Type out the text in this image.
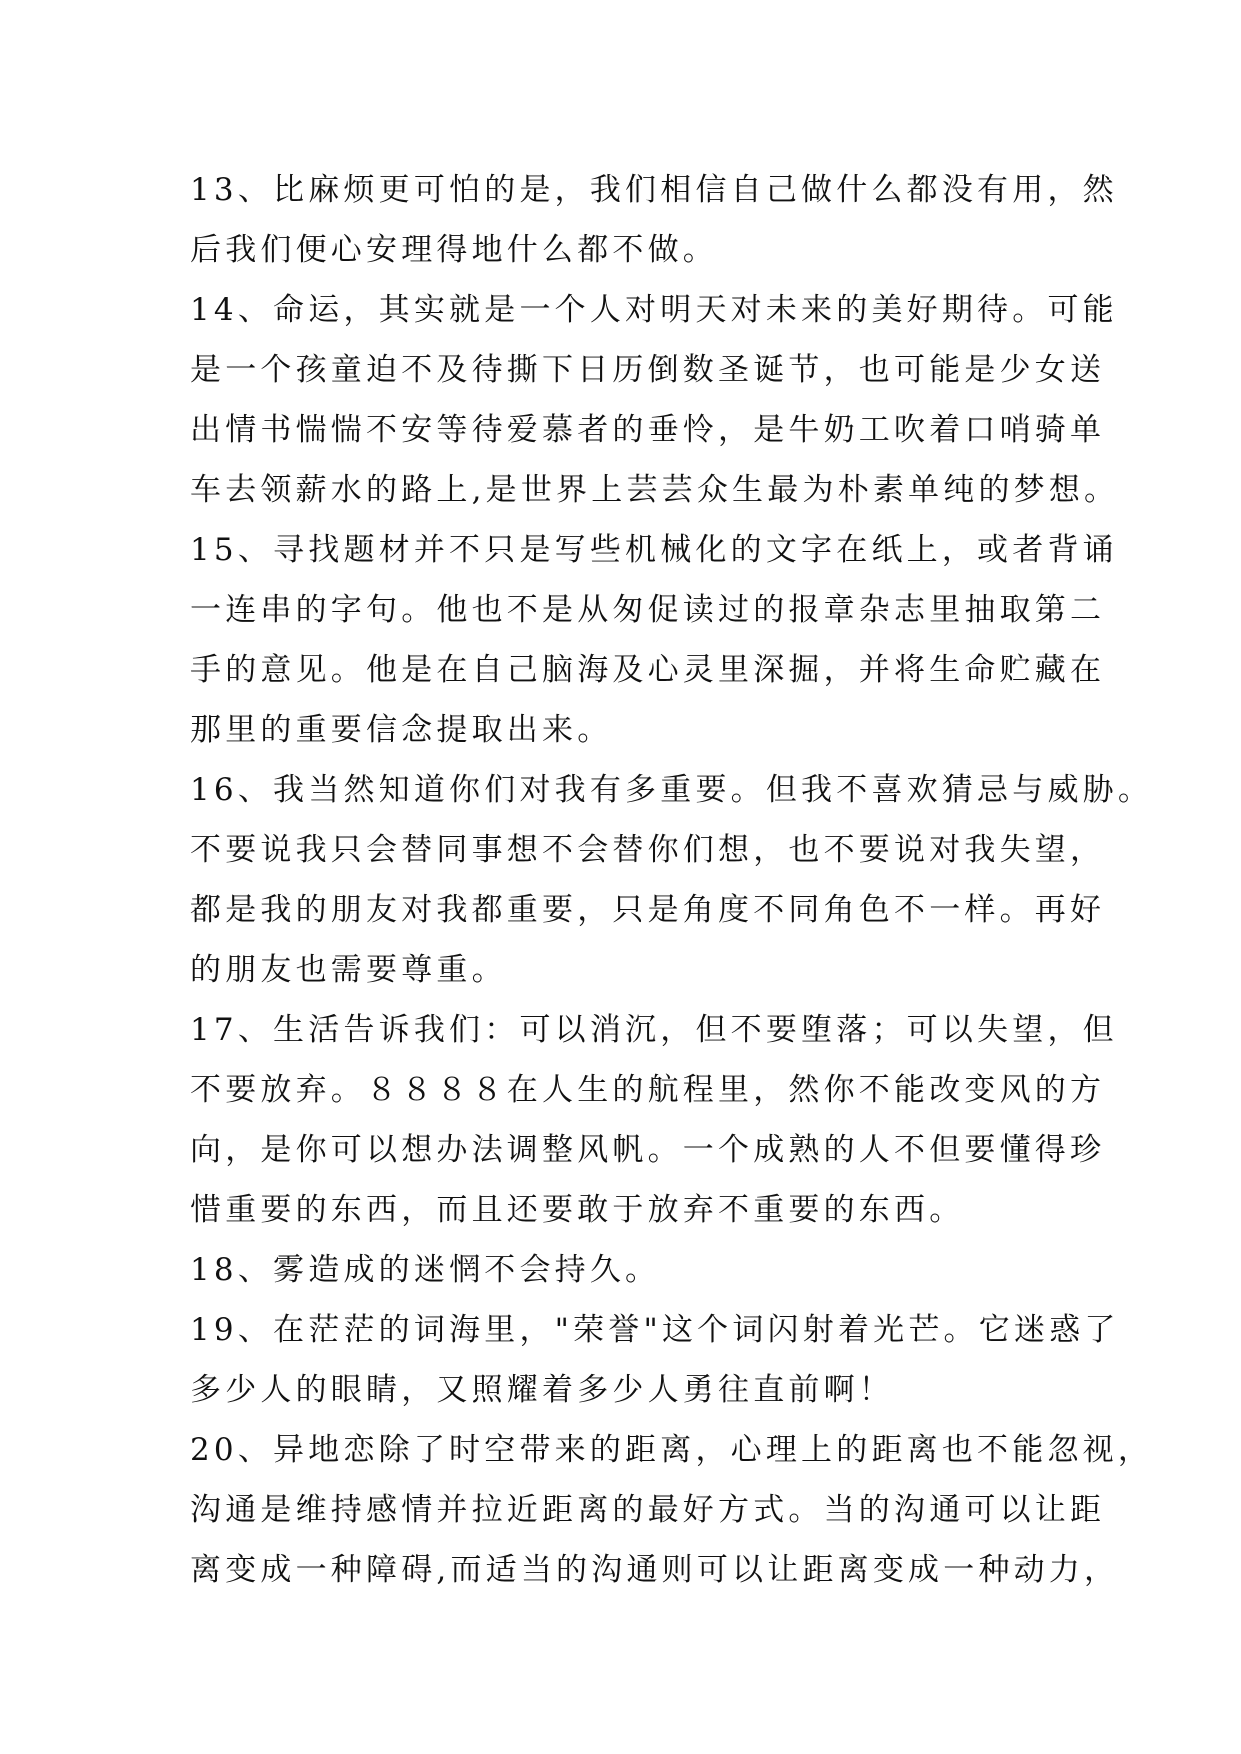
13、比麻烦更可怕的是，我们相信自己做什么都没有用，然
后我们便心安理得地什么都不做。
14、命运，其实就是一个人对明天对未来的美好期待。可能
是一个孩童迫不及待撕下日历倒数圣诞节，也可能是少女送
出情书惴惴不安等待爱慕者的垂怜，是牛奶工吹着口哨骑单
车去领薪水的路上,是世界上芸芸众生最为朴素单纯的梦想。
15、寻找题材并不只是写些机械化的文字在纸上，或者背诵
一连串的字句。他也不是从匆促读过的报章杂志里抽取第二
手的意见。他是在自己脑海及心灵里深掘，并将生命贮藏在
那里的重要信念提取出来。
16、我当然知道你们对我有多重要。但我不喜欢猜忌与威胁。
不要说我只会替同事想不会替你们想，也不要说对我失望，
都是我的朋友对我都重要，只是角度不同角色不一样。再好
的朋友也需要尊重。
17、生活告诉我们：可以消沉，但不要堕落；可以失望，但
不要放弃。８８８８在人生的航程里，然你不能改变风的方
向，是你可以想办法调整风帆。一个成熟的人不但要懂得珍
惜重要的东西，而且还要敢于放弃不重要的东西。
18、雾造成的迷惘不会持久。
19、在茫茫的词海里，"荣誉"这个词闪射着光芒。它迷惑了
多少人的眼睛，又照耀着多少人勇往直前啊！
20、异地恋除了时空带来的距离，心理上的距离也不能忽视，
沟通是维持感情并拉近距离的最好方式。当的沟通可以让距
离变成一种障碍,而适当的沟通则可以让距离变成一种动力，
